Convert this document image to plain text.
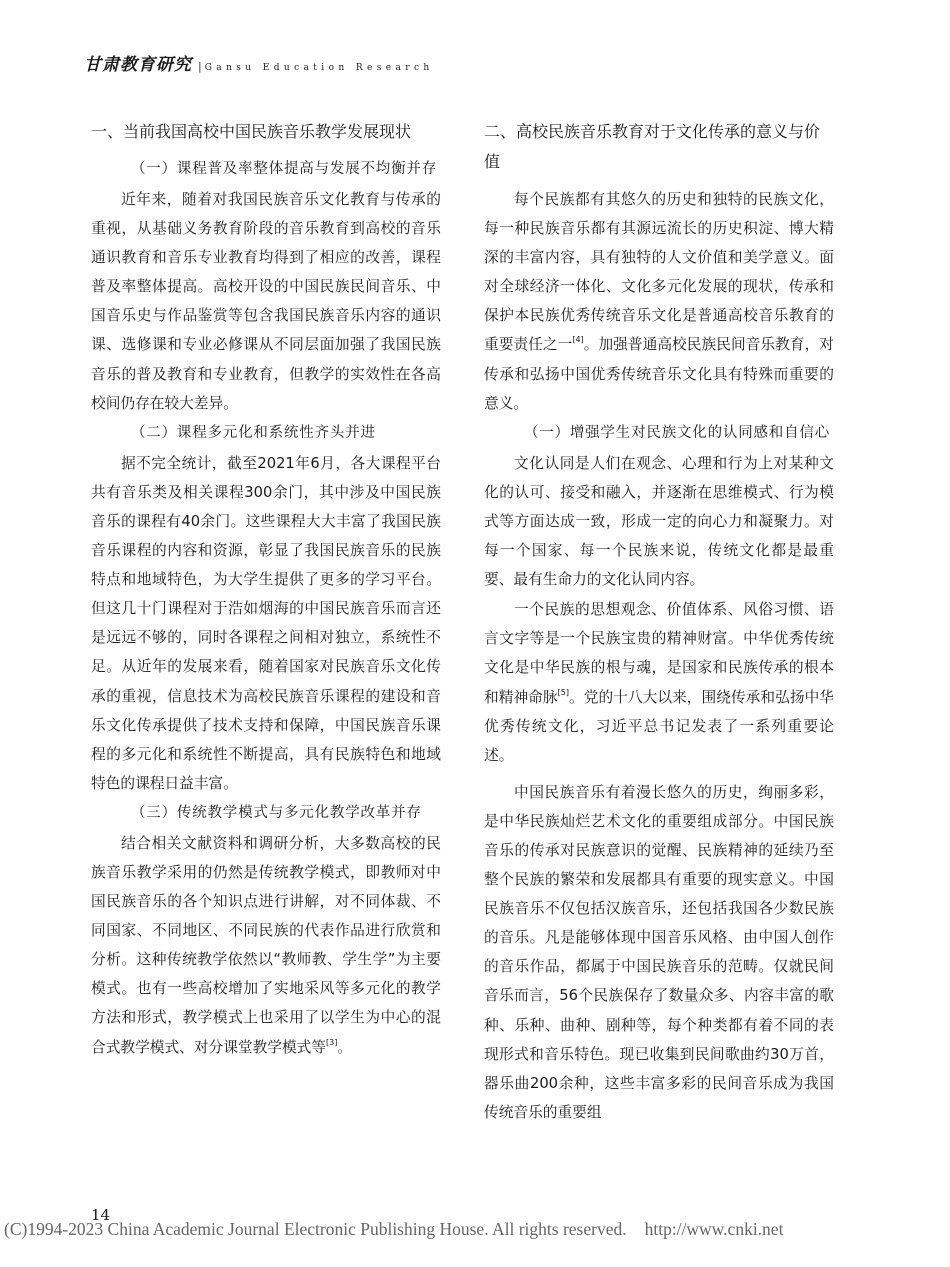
甘肃教育研究 | Gansu Education Research
一、当前我国高校中国民族音乐教学发展现状
（一）课程普及率整体提高与发展不均衡并存
近年来，随着对我国民族音乐文化教育与传承的重视，从基础义务教育阶段的音乐教育到高校的音乐通识教育和音乐专业教育均得到了相应的改善，课程普及率整体提高。高校开设的中国民族民间音乐、中国音乐史与作品鉴赏等包含我国民族音乐内容的通识课、选修课和专业必修课从不同层面加强了我国民族音乐的普及教育和专业教育，但教学的实效性在各高校间仍存在较大差异。
（二）课程多元化和系统性齐头并进
据不完全统计，截至2021年6月，各大课程平台共有音乐类及相关课程300余门，其中涉及中国民族音乐的课程有40余门。这些课程大大丰富了我国民族音乐课程的内容和资源，彰显了我国民族音乐的民族特点和地域特色，为大学生提供了更多的学习平台。但这几十门课程对于浩如烟海的中国民族音乐而言还是远远不够的，同时各课程之间相对独立，系统性不足。从近年的发展来看，随着国家对民族音乐文化传承的重视，信息技术为高校民族音乐课程的建设和音乐文化传承提供了技术支持和保障，中国民族音乐课程的多元化和系统性不断提高，具有民族特色和地域特色的课程日益丰富。
（三）传统教学模式与多元化教学改革并存
结合相关文献资料和调研分析，大多数高校的民族音乐教学采用的仍然是传统教学模式，即教师对中国民族音乐的各个知识点进行讲解，对不同体裁、不同国家、不同地区、不同民族的代表作品进行欣赏和分析。这种传统教学依然以“教师教、学生学”为主要模式。也有一些高校增加了实地采风等多元化的教学方法和形式，教学模式上也采用了以学生为中心的混合式教学模式、对分课堂教学模式等[3]。
二、高校民族音乐教育对于文化传承的意义与价值
每个民族都有其悠久的历史和独特的民族文化，每一种民族音乐都有其源远流长的历史积淀、博大精深的丰富内容，具有独特的人文价值和美学意义。面对全球经济一体化、文化多元化发展的现状，传承和保护本民族优秀传统音乐文化是普通高校音乐教育的重要责任之一[4]。加强普通高校民族民间音乐教育，对传承和弘扬中国优秀传统音乐文化具有特殊而重要的意义。
（一）增强学生对民族文化的认同感和自信心
文化认同是人们在观念、心理和行为上对某种文化的认可、接受和融入，并逐渐在思维模式、行为模式等方面达成一致，形成一定的向心力和凝聚力。对每一个国家、每一个民族来说，传统文化都是最重要、最有生命力的文化认同内容。
一个民族的思想观念、价值体系、风俗习惯、语言文字等是一个民族宝贵的精神财富。中华优秀传统文化是中华民族的根与魂，是国家和民族传承的根本和精神命脉[5]。党的十八大以来，围绕传承和弘扬中华优秀传统文化，习近平总书记发表了一系列重要论述。
中国民族音乐有着漫长悠久的历史，绚丽多彩，是中华民族灿烂艺术文化的重要组成部分。中国民族音乐的传承对民族意识的觉醒、民族精神的延续乃至整个民族的繁荣和发展都具有重要的现实意义。中国民族音乐不仅包括汉族音乐，还包括我国各少数民族的音乐。凡是能够体现中国音乐风格、由中国人创作的音乐作品，都属于中国民族音乐的范畴。仅就民间音乐而言，56个民族保存了数量众多、内容丰富的歌种、乐种、曲种、剧种等，每个种类都有着不同的表现形式和音乐特色。现已收集到民间歌曲约30万首，器乐曲200余种，这些丰富多彩的民间音乐成为我国传统音乐的重要组
14
(C)1994-2023 China Academic Journal Electronic Publishing House. All rights reserved. http://www.cnki.net
